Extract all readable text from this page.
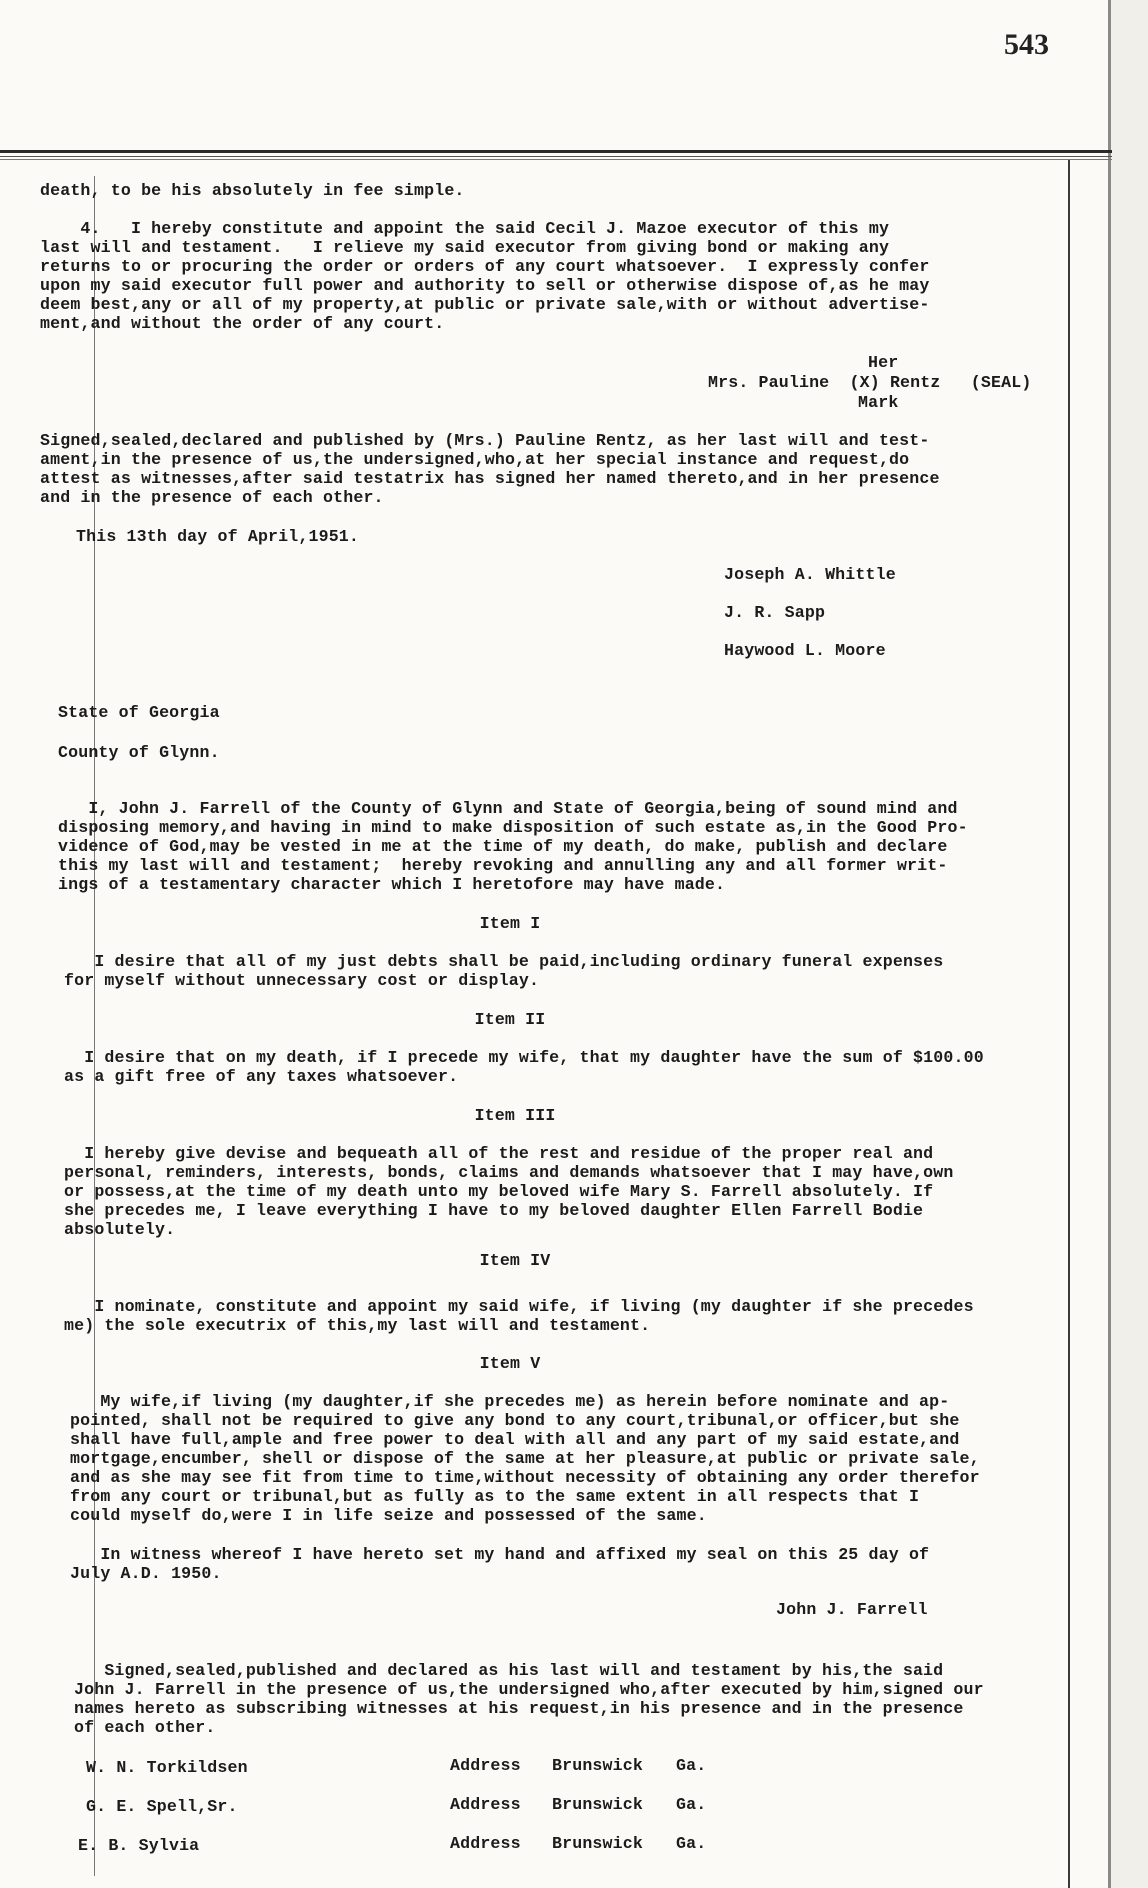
543
death, to be his absolutely in fee simple.
4.   I hereby constitute and appoint the said Cecil J. Mazoe executor of this my
last will and testament.   I relieve my said executor from giving bond or making any
returns to or procuring the order or orders of any court whatsoever.  I expressly confer
upon my said executor full power and authority to sell or otherwise dispose of,as he may
deem best,any or all of my property,at public or private sale,with or without advertise-
ment,and without the order of any court.
Her
Mrs. Pauline  (X) Rentz   (SEAL)
Mark
Signed,sealed,declared and published by (Mrs.) Pauline Rentz, as her last will and test-
ament,in the presence of us,the undersigned,who,at her special instance and request,do
attest as witnesses,after said testatrix has signed her named thereto,and in her presence
and in the presence of each other.
This 13th day of April,1951.
Joseph A. Whittle
J. R. Sapp
Haywood L. Moore
State of Georgia
County of Glynn.
I, John J. Farrell of the County of Glynn and State of Georgia,being of sound mind and
disposing memory,and having in mind to make disposition of such estate as,in the Good Pro-
vidence of God,may be vested in me at the time of my death, do make, publish and declare
this my last will and testament;  hereby revoking and annulling any and all former writ-
ings of a testamentary character which I heretofore may have made.
Item I
I desire that all of my just debts shall be paid,including ordinary funeral expenses
for myself without unnecessary cost or display.
Item II
I desire that on my death, if I precede my wife, that my daughter have the sum of $100.00
as a gift free of any taxes whatsoever.
Item III
I hereby give devise and bequeath all of the rest and residue of the proper real and
personal, reminders, interests, bonds, claims and demands whatsoever that I may have,own
or possess,at the time of my death unto my beloved wife Mary S. Farrell absolutely. If
she precedes me, I leave everything I have to my beloved daughter Ellen Farrell Bodie
absolutely.
Item IV
I nominate, constitute and appoint my said wife, if living (my daughter if she precedes
me) the sole executrix of this,my last will and testament.
Item V
My wife,if living (my daughter,if she precedes me) as herein before nominate and ap-
pointed, shall not be required to give any bond to any court,tribunal,or officer,but she
shall have full,ample and free power to deal with all and any part of my said estate,and
mortgage,encumber, shell or dispose of the same at her pleasure,at public or private sale,
and as she may see fit from time to time,without necessity of obtaining any order therefor
from any court or tribunal,but as fully as to the same extent in all respects that I
could myself do,were I in life seize and possessed of the same.
In witness whereof I have hereto set my hand and affixed my seal on this 25 day of
July A.D. 1950.
John J. Farrell
Signed,sealed,published and declared as his last will and testament by his,the said
John J. Farrell in the presence of us,the undersigned who,after executed by him,signed our
names hereto as subscribing witnesses at his request,in his presence and in the presence
of each other.
W. N. Torkildsen	Address Brunswick Ga.
G. E. Spell,Sr.	Address Brunswick Ga.
E. B. Sylvia	Address Brunswick Ga.
